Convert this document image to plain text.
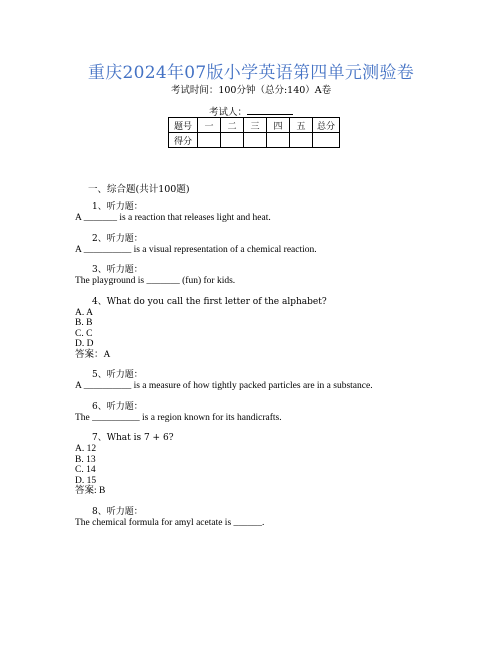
重庆2024年07版小学英语第四单元测验卷
考试时间：100分钟（总分:140）A卷
考试人：
题号	一	二	三	四	五	总分
得分						
一、综合题(共计100题)
1、听力题：
A _______ is a reaction that releases light and heat.
2、听力题：
A __________ is a visual representation of a chemical reaction.
3、听力题：
The playground is _______ (fun) for kids.
4、What do you call the first letter of the alphabet?
A. A
B. B
C. C
D. D
答案：A
5、听力题：
A __________ is a measure of how tightly packed particles are in a substance.
6、听力题：
The __________ is a region known for its handicrafts.
7、What is 7 + 6?
A. 12
B. 13
C. 14
D. 15
答案: B
8、听力题：
The chemical formula for amyl acetate is ______.
